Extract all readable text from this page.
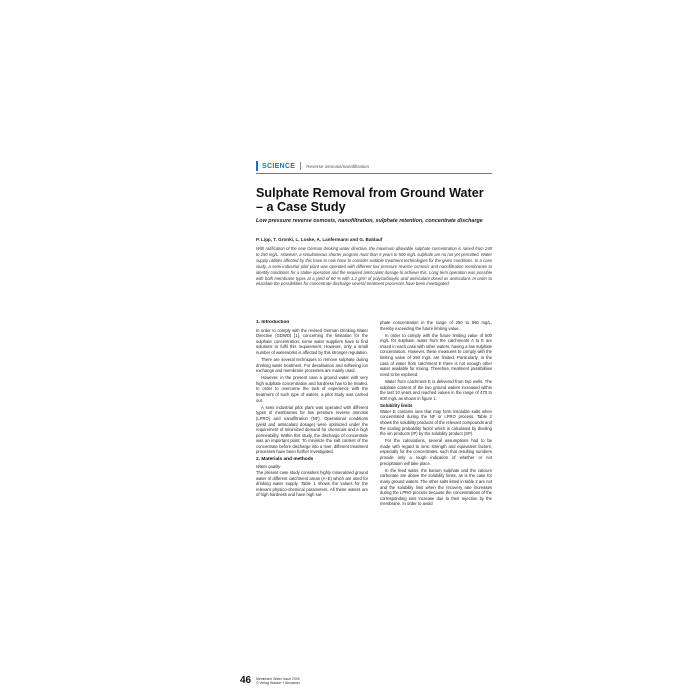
SCIENCE Reverse osmosis/nanofiltration
Sulphate Removal from Ground Water – a Case Study
Low pressure reverse osmosis, nanofiltration, sulphate retention, concentrate discharge
P. Lipp, T. Gronki, L. Loske, A. Lanfermann and G. Baldauf

With ratification of the new German drinking water directive, the maximum allowable sulphate concentration is raised from 240 to 250 mg/L. However, a simultaneous shorter program must than 5 years to 500 mg/L sulphate are no not yet permitted. Water supply utilities affected by this have to now have to consider suitable treatment technologies for the given conditions. In a case study, a semi-industrial pilot plant was operated with different low pressure reverse osmosis and nanofiltration membranes to identify conditions for a stable operation and the required antiscalant dosage to achieve this. Long term operation was possible with both membrane types at a yield of 80 % with 1.2 g/m³ of polycarboxylic acid antiscalant dosed as antiscalant. In order to elucidate the possibilities for concentrate discharge several treatment processes have been investigated.

1. Introduction

In order to comply with the revised German Drinking Water Directive (GDWD) [1], concerning the limitation for the sulphate concentration, some water suppliers have to find solutions to fulfil this requirement. However, only a small number of waterworks is affected by this stronger regulation.

There are several techniques to remove sulphate during drinking water treatment. For desalination and softening ion exchange and membrane processes are mainly used.

However, in the present case a ground water with very high sulphate concentration and hardness has to be treated. In order to overcome the lack of experience with the treatment of such type of waters, a pilot study was carried out.

A semi industrial pilot plant was operated with different types of membranes for low pressure reverse osmosis (LPRO) and nanofiltration (NF). Operational conditions (yield and antiscalant dosage) were optimized under the requirement of minimized demand for chemicals and a high permeability. Within this study, the discharge of concentrate was an important point. To minimize the salt content of the concentrate before discharge into a river, different treatment processes have been further investigated.

2. Materials and methods
Water quality

The present case study considers highly mineralized ground water of different catchment areas (A–E) which are used for drinking water supply. Table 1 shows the values for the relevant physico-chemical parameters. All these waters are of high hardness and have high sul-

phate concentration in the range of 250 to 560 mg/L, thereby exceeding the future limiting value.

In order to comply with the future limiting value of 500 mg/L for sulphate, water from the catchments A to E are mixed in each case with other waters, having a low sulphate concentration. However, these measures to comply with the limiting value of 250 mg/L are limited. Particularly, in the case of water from catchment E there is not enough other water available for mixing. Therefore, treatment possibilities need to be explored.

Water from catchment E is delivered from two wells. The sulphate content of the two ground waters increased within the last 10 years and reached values in the range of 470 to 600 mg/L as shown in figure 1.

Solubility limits

Water E contains ions that may form insoluble salts when concentrated during the NF or LPRO process. Table 2 shows the solubility products of the relevant compounds and the scaling probability factor which is calculated by dividing the ion products (IP) by the solubility product (SP).

For the calculations, several assumptions had to be made with regard to ionic strength and equivalent factors, especially for the concentrates, such that resulting numbers provide only a rough indication of whether or not precipitation will take place.

In the feed water, the barium sulphate and the calcium carbonate are above the solubility limits, as is the case for many ground waters. The other salts listed in table 2 are not and the solubility limit when the recovery rate increases during the LPRO process because the concentrations of the corresponding ions increase due to their rejection by the membrane. In order to avoid

46 Membrane Water Issue 2005
© Verlag Wasser + Abwasser
